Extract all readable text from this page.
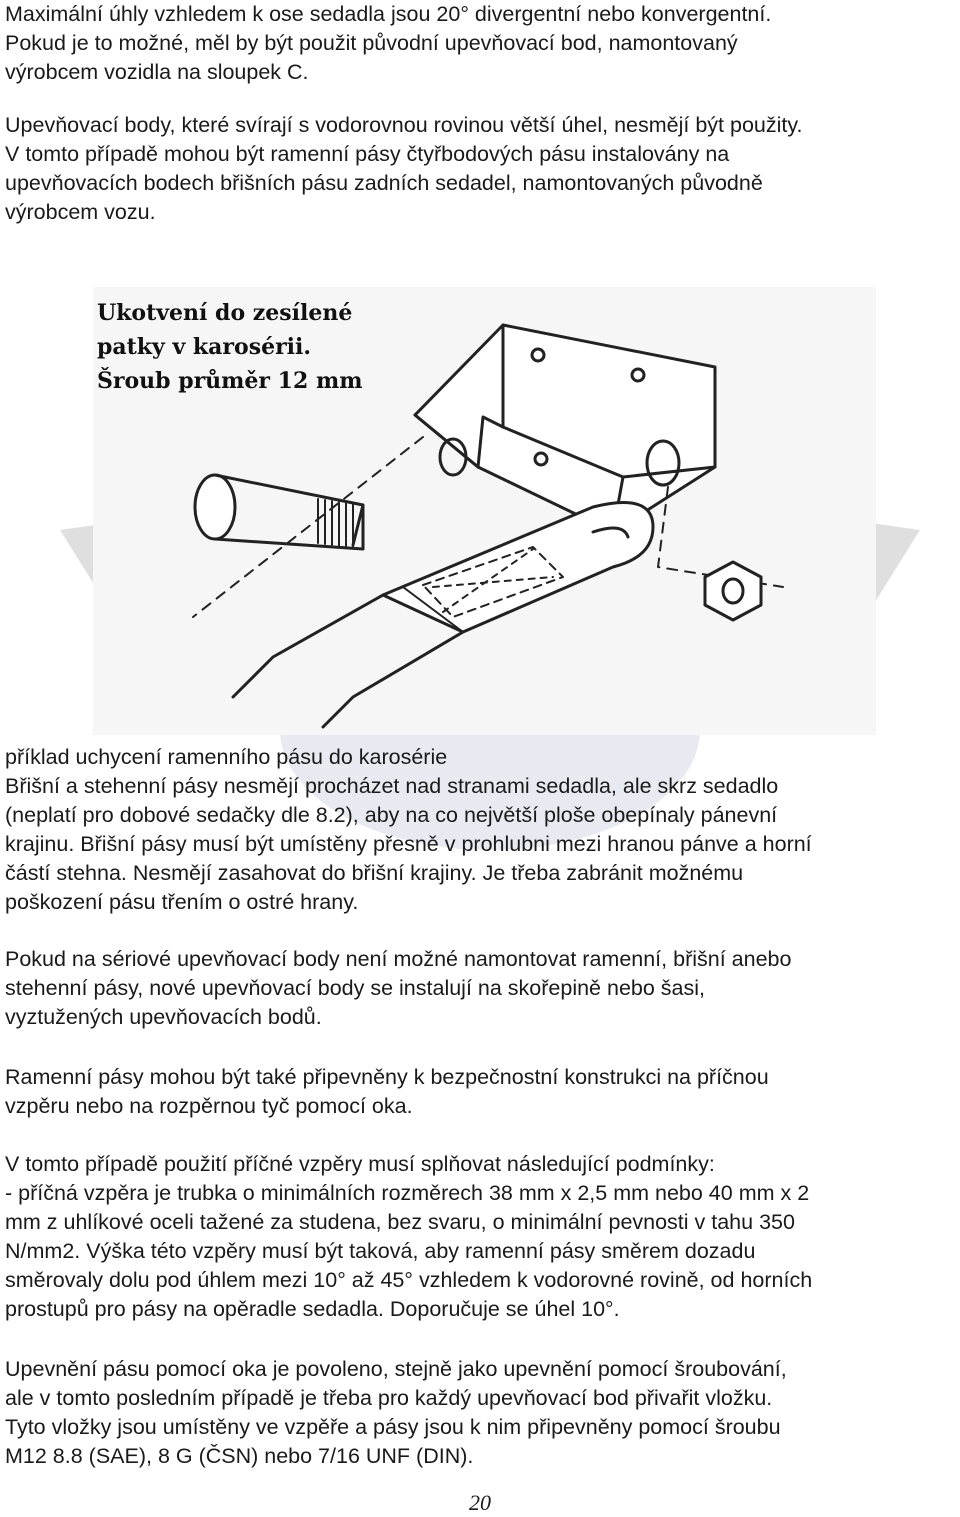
Maximální úhly vzhledem k ose sedadla jsou 20° divergentní nebo konvergentní.
Pokud je to možné, měl by být použit původní upevňovací bod, namontovaný
výrobcem vozidla na sloupek C.
Upevňovací body, které svírají s vodorovnou rovinou větší úhel, nesmějí být použity.
V tomto případě mohou být ramenní pásy čtyřbodových pásu instalovány na
upevňovacích bodech břišních pásu zadních sedadel, namontovaných původně
výrobcem vozu.
Ukotvení do zesílené
patky v karosérii.
Šroub průměr 12 mm
příklad uchycení ramenního pásu do karosérie
Břišní a stehenní pásy nesmějí procházet nad stranami sedadla, ale skrz sedadlo
(neplatí pro dobové sedačky dle 8.2), aby na co největší ploše obepínaly pánevní
krajinu. Břišní pásy musí být umístěny přesně v prohlubni mezi hranou pánve a horní
částí stehna. Nesmějí zasahovat do břišní krajiny. Je třeba zabránit možnému
poškození pásu třením o ostré hrany.
Pokud na sériové upevňovací body není možné namontovat ramenní, břišní anebo
stehenní pásy, nové upevňovací body se instalují na skořepině nebo šasi,
vyztužených upevňovacích bodů.
Ramenní pásy mohou být také připevněny k bezpečnostní konstrukci na příčnou
vzpěru nebo na rozpěrnou tyč pomocí oka.
V tomto případě použití příčné vzpěry musí splňovat následující podmínky:
- příčná vzpěra je trubka o minimálních rozměrech 38 mm x 2,5 mm nebo 40 mm x 2
mm z uhlíkové oceli tažené za studena, bez svaru, o minimální pevnosti v tahu 350
N/mm2. Výška této vzpěry musí být taková, aby ramenní pásy směrem dozadu
směrovaly dolu pod úhlem mezi 10° až 45° vzhledem k vodorovné rovině, od horních
prostupů pro pásy na opěradle sedadla. Doporučuje se úhel 10°.
Upevnění pásu pomocí oka je povoleno, stejně jako upevnění pomocí šroubování,
ale v tomto posledním případě je třeba pro každý upevňovací bod přivařit vložku.
Tyto vložky jsou umístěny ve vzpěře a pásy jsou k nim připevněny pomocí šroubu
M12 8.8 (SAE), 8 G (ČSN) nebo 7/16 UNF (DIN).
20
